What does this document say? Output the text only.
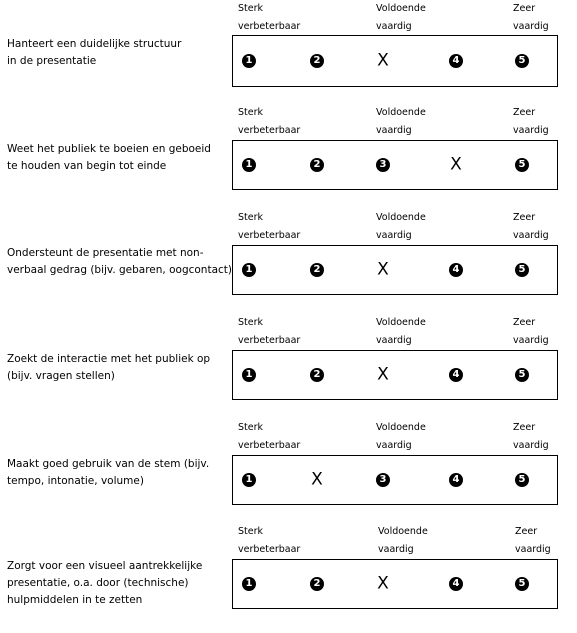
Hanteert een duidelijke structuur
in de presentatie
Sterk
verbeterbaar
Voldoende
vaardig
Zeer
vaardig
1	2	X	4	5
Weet het publiek te boeien en geboeid
te houden van begin tot einde
Sterk
verbeterbaar
Voldoende
vaardig
Zeer
vaardig
1	2	3	X	5
Ondersteunt de presentatie met non-
verbaal gedrag (bijv. gebaren, oogcontact)
Sterk
verbeterbaar
Voldoende
vaardig
Zeer
vaardig
1	2	X	4	5
Zoekt de interactie met het publiek op
(bijv. vragen stellen)
Sterk
verbeterbaar
Voldoende
vaardig
Zeer
vaardig
1	2	X	4	5
Maakt goed gebruik van de stem (bijv.
tempo, intonatie, volume)
Sterk
verbeterbaar
Voldoende
vaardig
Zeer
vaardig
1	X	3	4	5
Zorgt voor een visueel aantrekkelijke
presentatie, o.a. door (technische)
hulpmiddelen in te zetten
Sterk
verbeterbaar
Voldoende
vaardig
Zeer
vaardig
1	2	X	4	5
